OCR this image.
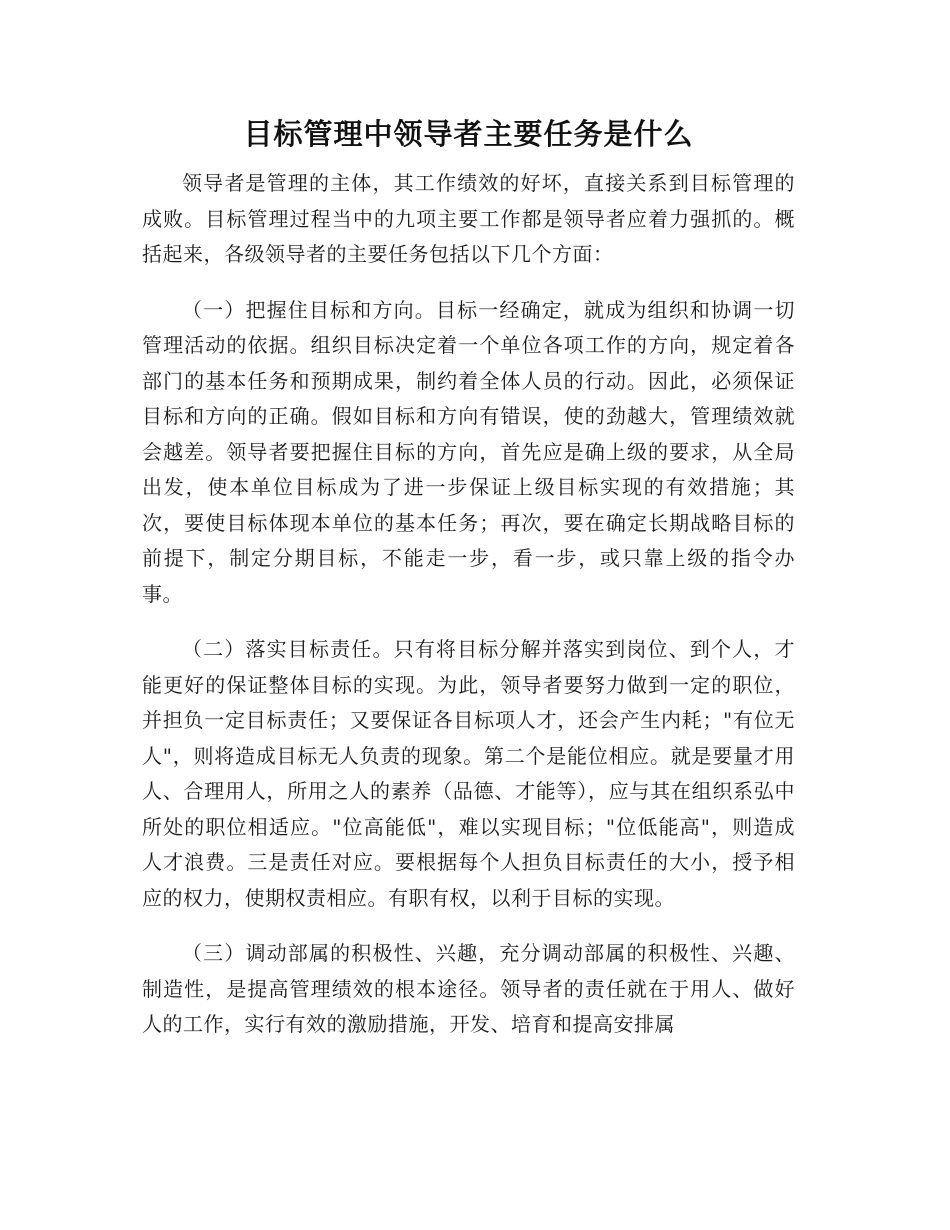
目标管理中领导者主要任务是什么

领导者是管理的主体，其工作绩效的好坏，直接关系到目标管理的成败。目标管理过程当中的九项主要工作都是领导者应着力强抓的。概括起来，各级领导者的主要任务包括以下几个方面：

（一）把握住目标和方向。目标一经确定，就成为组织和协调一切管理活动的依据。组织目标决定着一个单位各项工作的方向，规定着各部门的基本任务和预期成果，制约着全体人员的行动。因此，必须保证目标和方向的正确。假如目标和方向有错误，使的劲越大，管理绩效就会越差。领导者要把握住目标的方向，首先应是确上级的要求，从全局出发，使本单位目标成为了进一步保证上级目标实现的有效措施；其次，要使目标体现本单位的基本任务；再次，要在确定长期战略目标的前提下，制定分期目标，不能走一步，看一步，或只靠上级的指令办事。

（二）落实目标责任。只有将目标分解并落实到岗位、到个人，才能更好的保证整体目标的实现。为此，领导者要努力做到一定的职位，并担负一定目标责任；又要保证各目标项人才，还会产生内耗；"有位无人"，则将造成目标无人负责的现象。第二个是能位相应。就是要量才用人、合理用人，所用之人的素养（品德、才能等），应与其在组织系弘中所处的职位相适应。"位高能低"，难以实现目标；"位低能高"，则造成人才浪费。三是责任对应。要根据每个人担负目标责任的大小，授予相应的权力，使期权责相应。有职有权，以利于目标的实现。

（三）调动部属的积极性、兴趣，充分调动部属的积极性、兴趣、制造性，是提高管理绩效的根本途径。领导者的责任就在于用人、做好人的工作，实行有效的激励措施，开发、培育和提高安排属
